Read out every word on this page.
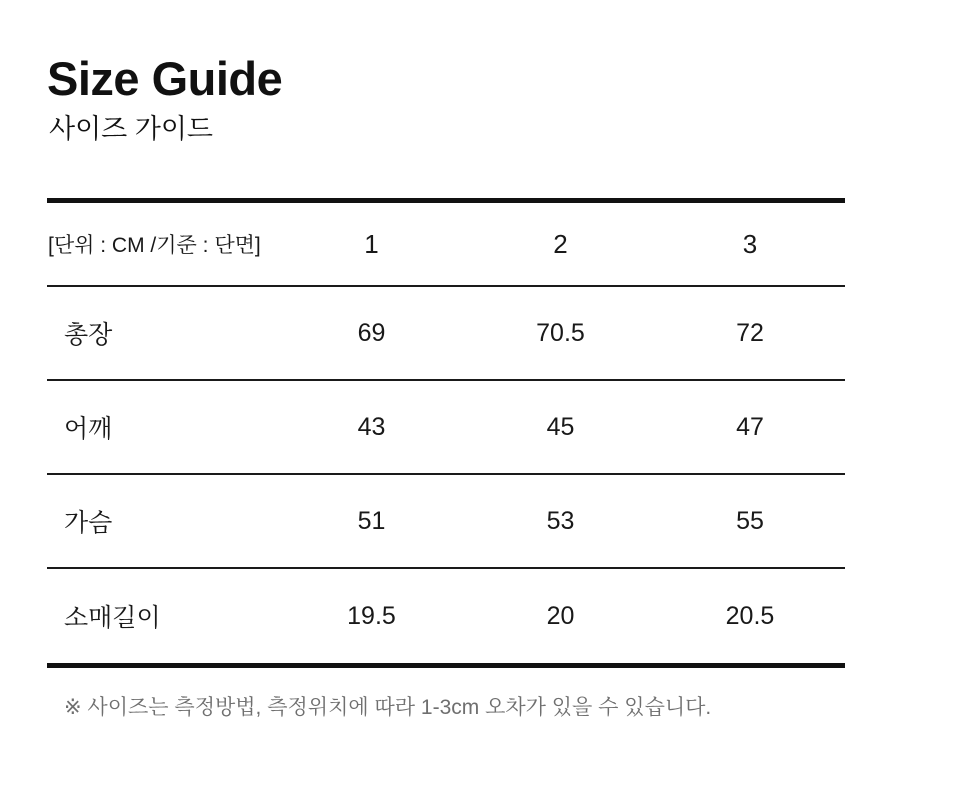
Size Guide
사이즈 가이드
[단위 : CM /기준 : 단면]	1	2	3
총장	69	70.5	72
어깨	43	45	47
가슴	51	53	55
소매길이	19.5	20	20.5
※ 사이즈는 측정방법, 측정위치에 따라 1-3cm 오차가 있을 수 있습니다.
